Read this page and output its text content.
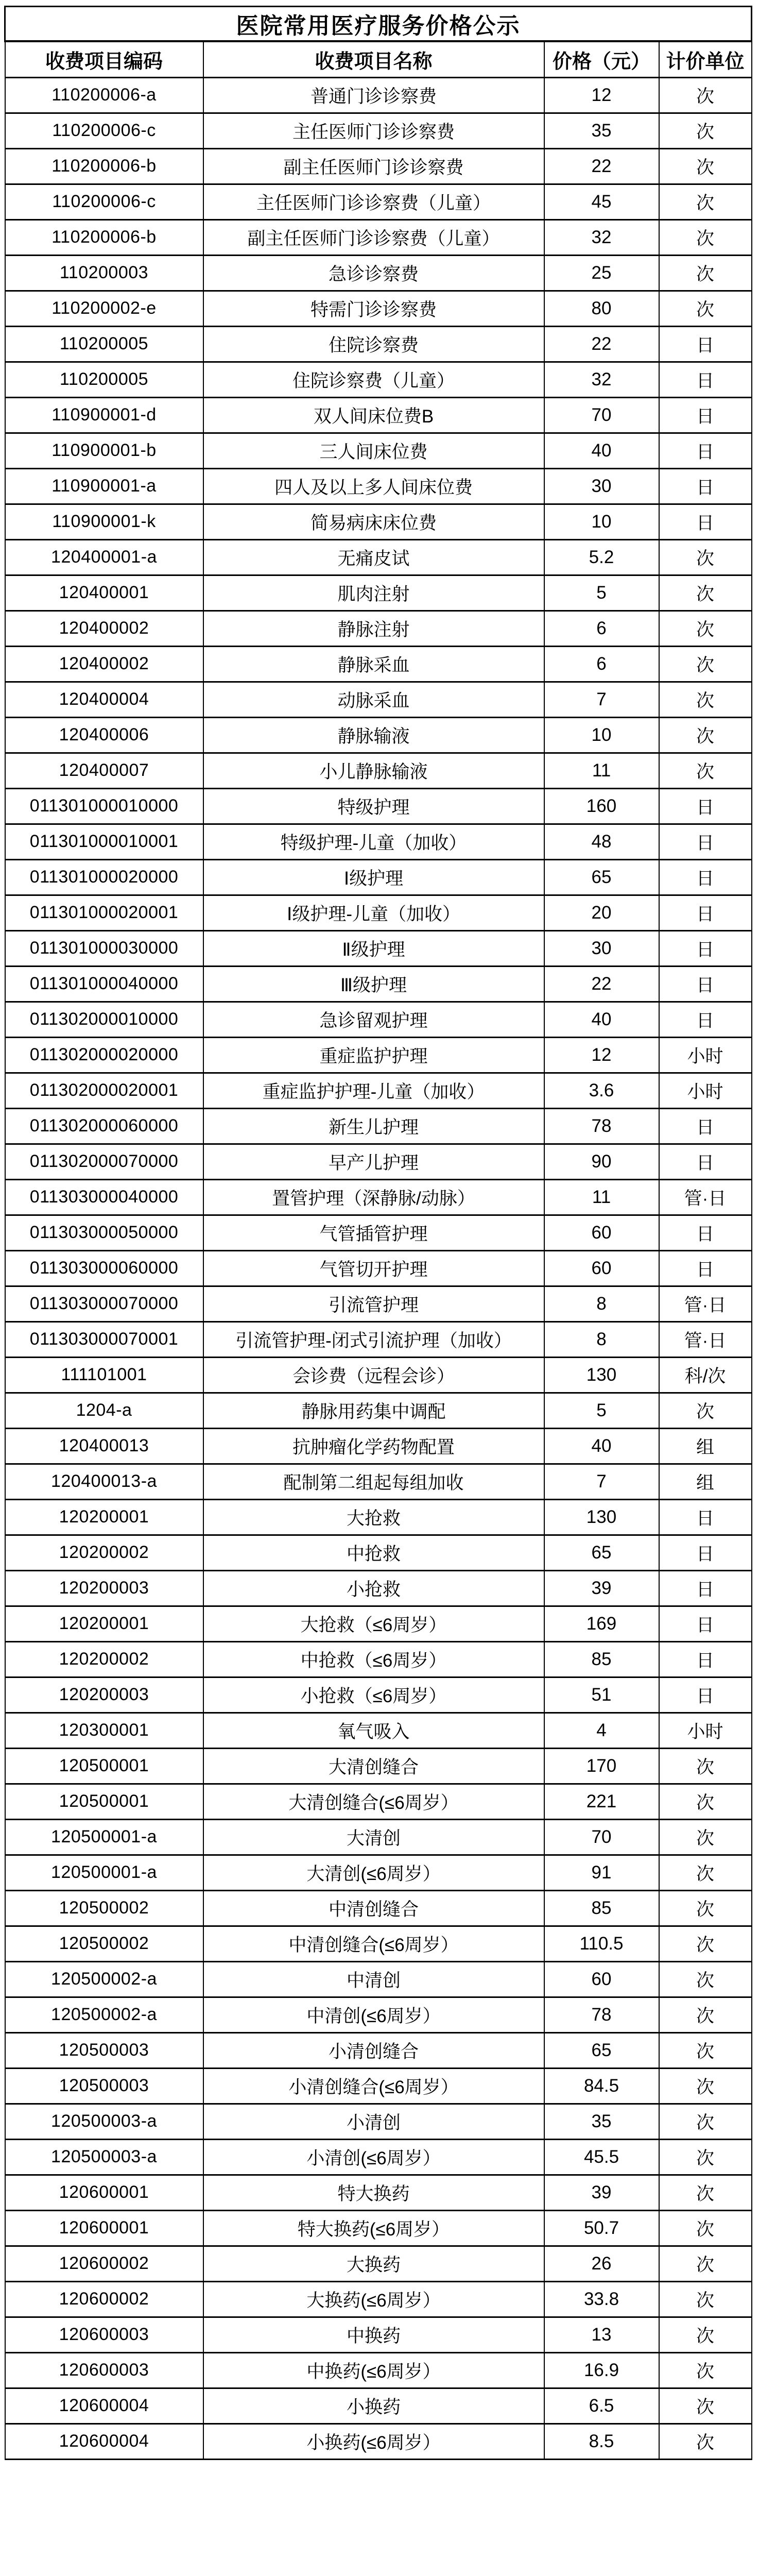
医院常用医疗服务价格公示			
收费项目编码	收费项目名称	价格（元）	计价单位
110200006-a	普通门诊诊察费	12	次
110200006-c	主任医师门诊诊察费	35	次
110200006-b	副主任医师门诊诊察费	22	次
110200006-c	主任医师门诊诊察费（儿童）	45	次
110200006-b	副主任医师门诊诊察费（儿童）	32	次
110200003	急诊诊察费	25	次
110200002-e	特需门诊诊察费	80	次
110200005	住院诊察费	22	日
110200005	住院诊察费（儿童）	32	日
110900001-d	双人间床位费B	70	日
110900001-b	三人间床位费	40	日
110900001-a	四人及以上多人间床位费	30	日
110900001-k	简易病床床位费	10	日
120400001-a	无痛皮试	5.2	次
120400001	肌肉注射	5	次
120400002	静脉注射	6	次
120400002	静脉采血	6	次
120400004	动脉采血	7	次
120400006	静脉输液	10	次
120400007	小儿静脉输液	11	次
011301000010000	特级护理	160	日
011301000010001	特级护理-儿童（加收）	48	日
011301000020000	Ⅰ级护理	65	日
011301000020001	Ⅰ级护理-儿童（加收）	20	日
011301000030000	Ⅱ级护理	30	日
011301000040000	Ⅲ级护理	22	日
011302000010000	急诊留观护理	40	日
011302000020000	重症监护护理	12	小时
011302000020001	重症监护护理-儿童（加收）	3.6	小时
011302000060000	新生儿护理	78	日
011302000070000	早产儿护理	90	日
011303000040000	置管护理（深静脉/动脉）	11	管·日
011303000050000	气管插管护理	60	日
011303000060000	气管切开护理	60	日
011303000070000	引流管护理	8	管·日
011303000070001	引流管护理-闭式引流护理（加收）	8	管·日
111101001	会诊费（远程会诊）	130	科/次
1204-a	静脉用药集中调配	5	次
120400013	抗肿瘤化学药物配置	40	组
120400013-a	配制第二组起每组加收	7	组
120200001	大抢救	130	日
120200002	中抢救	65	日
120200003	小抢救	39	日
120200001	大抢救（≤6周岁）	169	日
120200002	中抢救（≤6周岁）	85	日
120200003	小抢救（≤6周岁）	51	日
120300001	氧气吸入	4	小时
120500001	大清创缝合	170	次
120500001	大清创缝合(≤6周岁）	221	次
120500001-a	大清创	70	次
120500001-a	大清创(≤6周岁）	91	次
120500002	中清创缝合	85	次
120500002	中清创缝合(≤6周岁）	110.5	次
120500002-a	中清创	60	次
120500002-a	中清创(≤6周岁）	78	次
120500003	小清创缝合	65	次
120500003	小清创缝合(≤6周岁）	84.5	次
120500003-a	小清创	35	次
120500003-a	小清创(≤6周岁）	45.5	次
120600001	特大换药	39	次
120600001	特大换药(≤6周岁）	50.7	次
120600002	大换药	26	次
120600002	大换药(≤6周岁）	33.8	次
120600003	中换药	13	次
120600003	中换药(≤6周岁）	16.9	次
120600004	小换药	6.5	次
120600004	小换药(≤6周岁）	8.5	次
